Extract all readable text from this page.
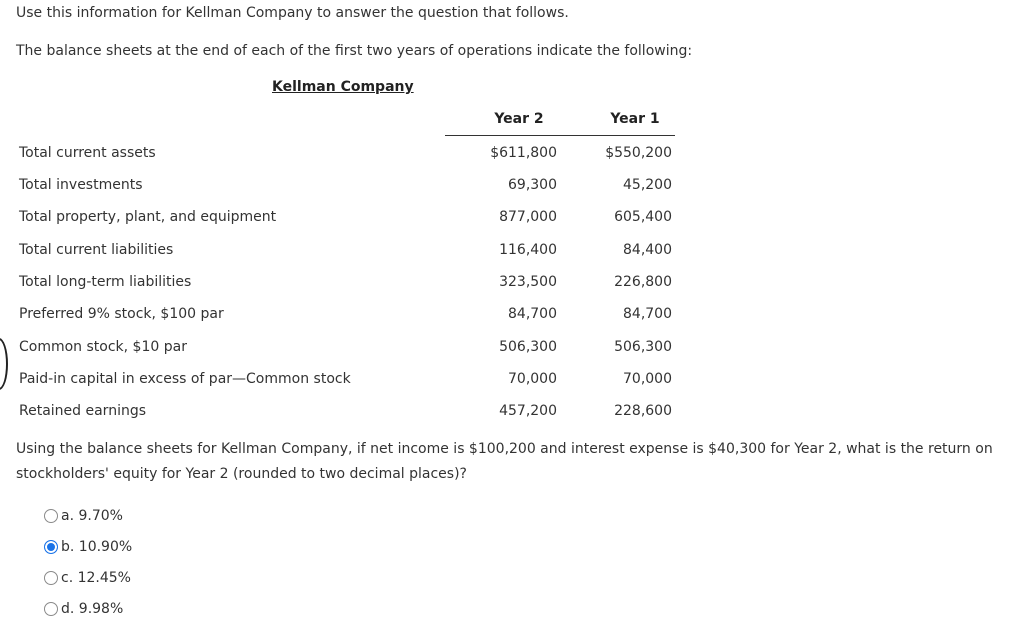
Use this information for Kellman Company to answer the question that follows.
The balance sheets at the end of each of the first two years of operations indicate the following:
Kellman Company
Year 2	Year 1
Total current assets	$611,800	$550,200
Total investments	69,300	45,200
Total property, plant, and equipment	877,000	605,400
Total current liabilities	116,400	84,400
Total long-term liabilities	323,500	226,800
Preferred 9% stock, $100 par	84,700	84,700
Common stock, $10 par	506,300	506,300
Paid-in capital in excess of par—Common stock	70,000	70,000
Retained earnings	457,200	228,600
Using the balance sheets for Kellman Company, if net income is $100,200 and interest expense is $40,300 for Year 2, what is the return on stockholders' equity for Year 2 (rounded to two decimal places)?
a. 9.70%
b. 10.90%
c. 12.45%
d. 9.98%
